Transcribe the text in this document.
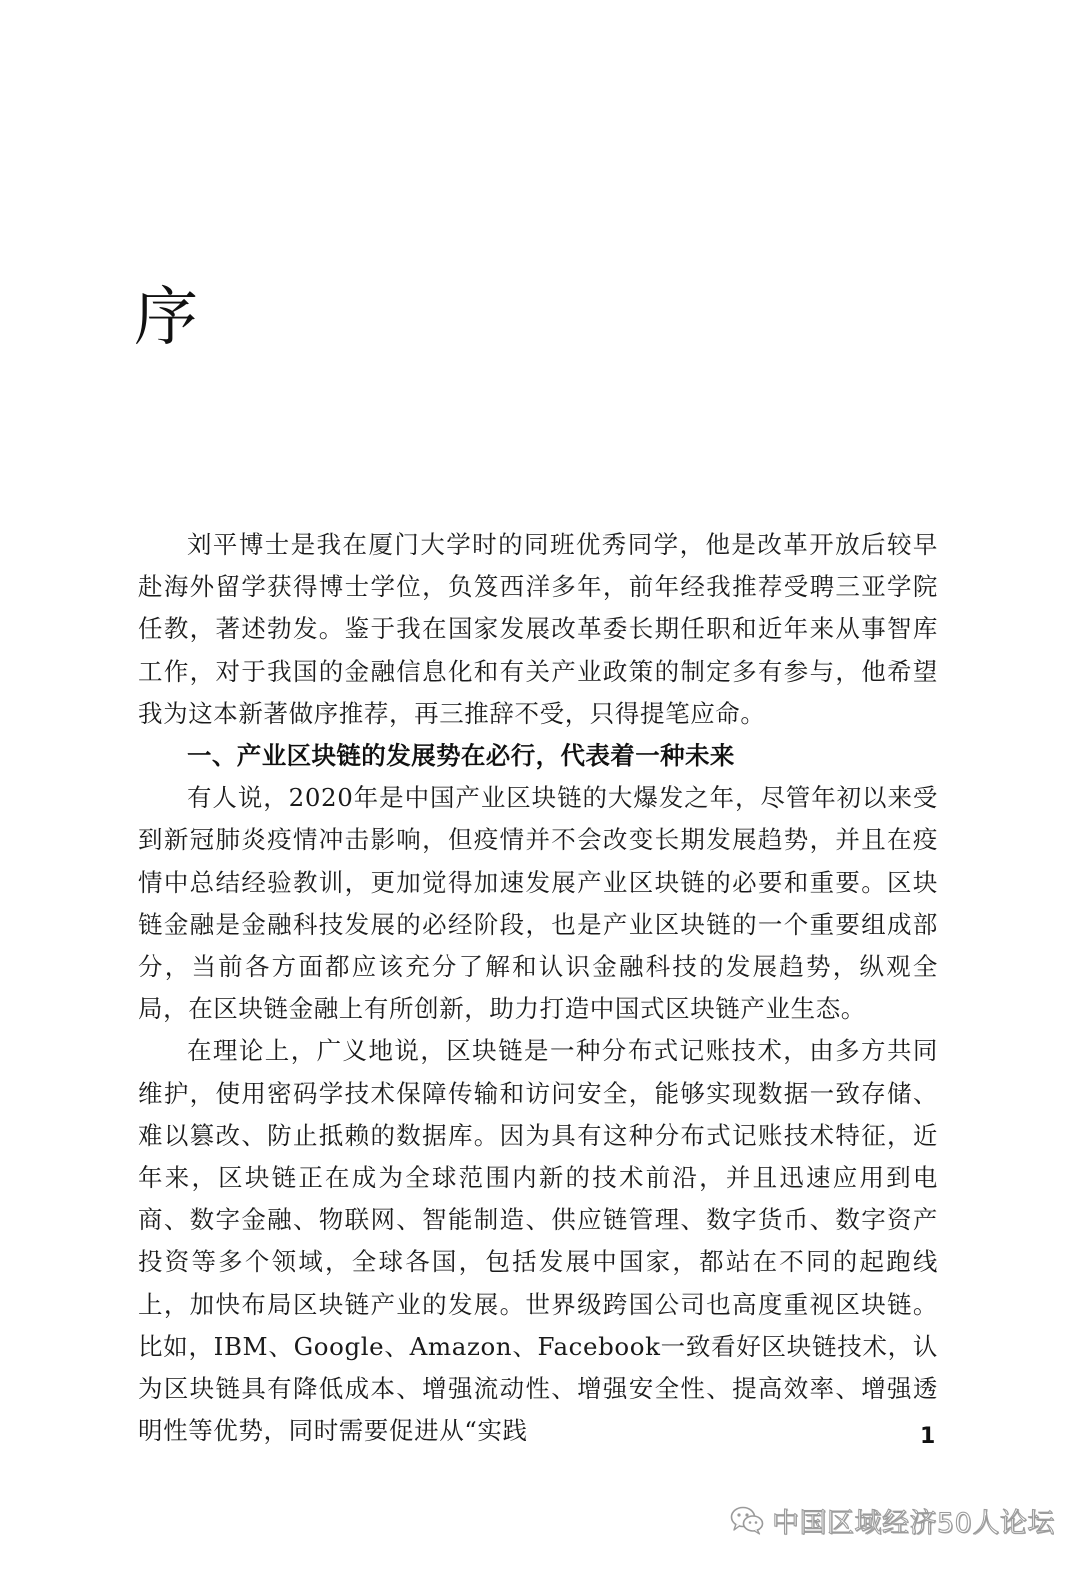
序

刘平博士是我在厦门大学时的同班优秀同学，他是改革开放后较早赴海外留学获得博士学位，负笈西洋多年，前年经我推荐受聘三亚学院任教，著述勃发。鉴于我在国家发展改革委长期任职和近年来从事智库工作，对于我国的金融信息化和有关产业政策的制定多有参与，他希望我为这本新著做序推荐，再三推辞不受，只得提笔应命。

一、产业区块链的发展势在必行，代表着一种未来

有人说，2020年是中国产业区块链的大爆发之年，尽管年初以来受到新冠肺炎疫情冲击影响，但疫情并不会改变长期发展趋势，并且在疫情中总结经验教训，更加觉得加速发展产业区块链的必要和重要。区块链金融是金融科技发展的必经阶段，也是产业区块链的一个重要组成部分，当前各方面都应该充分了解和认识金融科技的发展趋势，纵观全局，在区块链金融上有所创新，助力打造中国式区块链产业生态。

在理论上，广义地说，区块链是一种分布式记账技术，由多方共同维护，使用密码学技术保障传输和访问安全，能够实现数据一致存储、难以篡改、防止抵赖的数据库。因为具有这种分布式记账技术特征，近年来，区块链正在成为全球范围内新的技术前沿，并且迅速应用到电商、数字金融、物联网、智能制造、供应链管理、数字货币、数字资产投资等多个领域，全球各国，包括发展中国家，都站在不同的起跑线上，加快布局区块链产业的发展。世界级跨国公司也高度重视区块链。比如，IBM、Google、Amazon、Facebook一致看好区块链技术，认为区块链具有降低成本、增强流动性、增强安全性、提高效率、增强透明性等优势，同时需要促进从“实践	1
中国区域经济50人论坛
